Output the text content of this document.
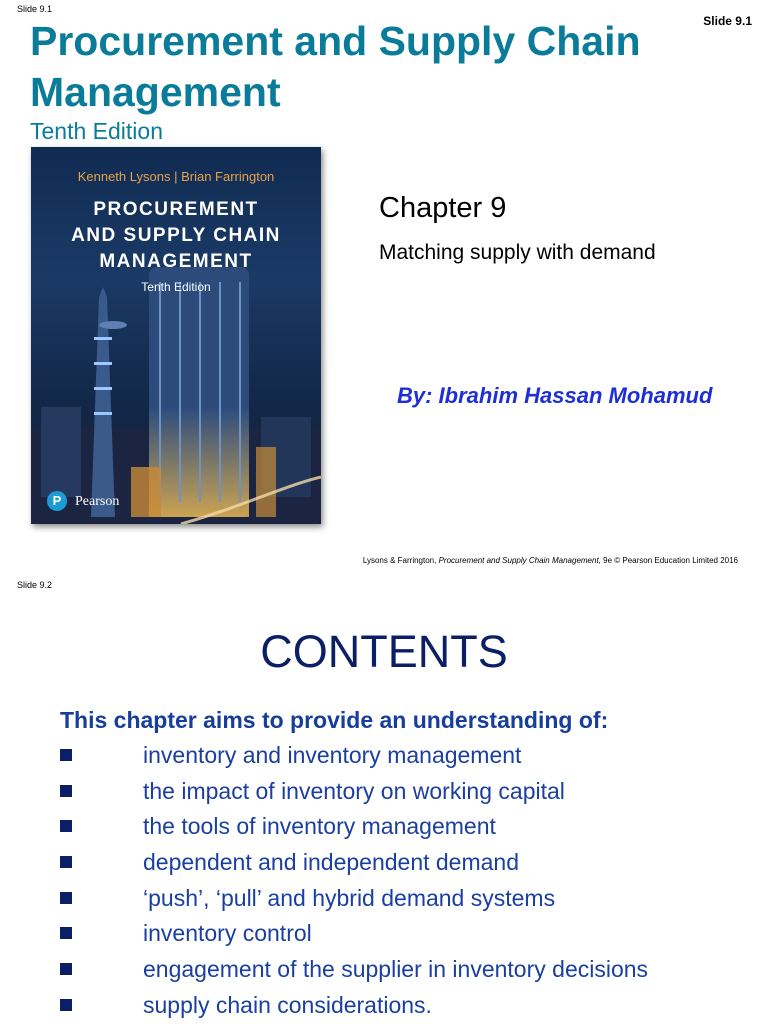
Slide 9.1
Slide 9.1
Procurement and Supply Chain Management
Tenth Edition
Kenneth Lysons | Brian Farrington
PROCUREMENT
AND SUPPLY CHAIN
MANAGEMENT
Tenth Edition
P Pearson
Chapter 9
Matching supply with demand
By: Ibrahim Hassan Mohamud
Lysons & Farrington, Procurement and Supply Chain Management, 9e © Pearson Education Limited 2016
Slide 9.2
CONTENTS
This chapter aims to provide an understanding of:
inventory and inventory management
the impact of inventory on working capital
the tools of inventory management
dependent and independent demand
‘push’, ‘pull’ and hybrid demand systems
inventory control
engagement of the supplier in inventory decisions
supply chain considerations.
